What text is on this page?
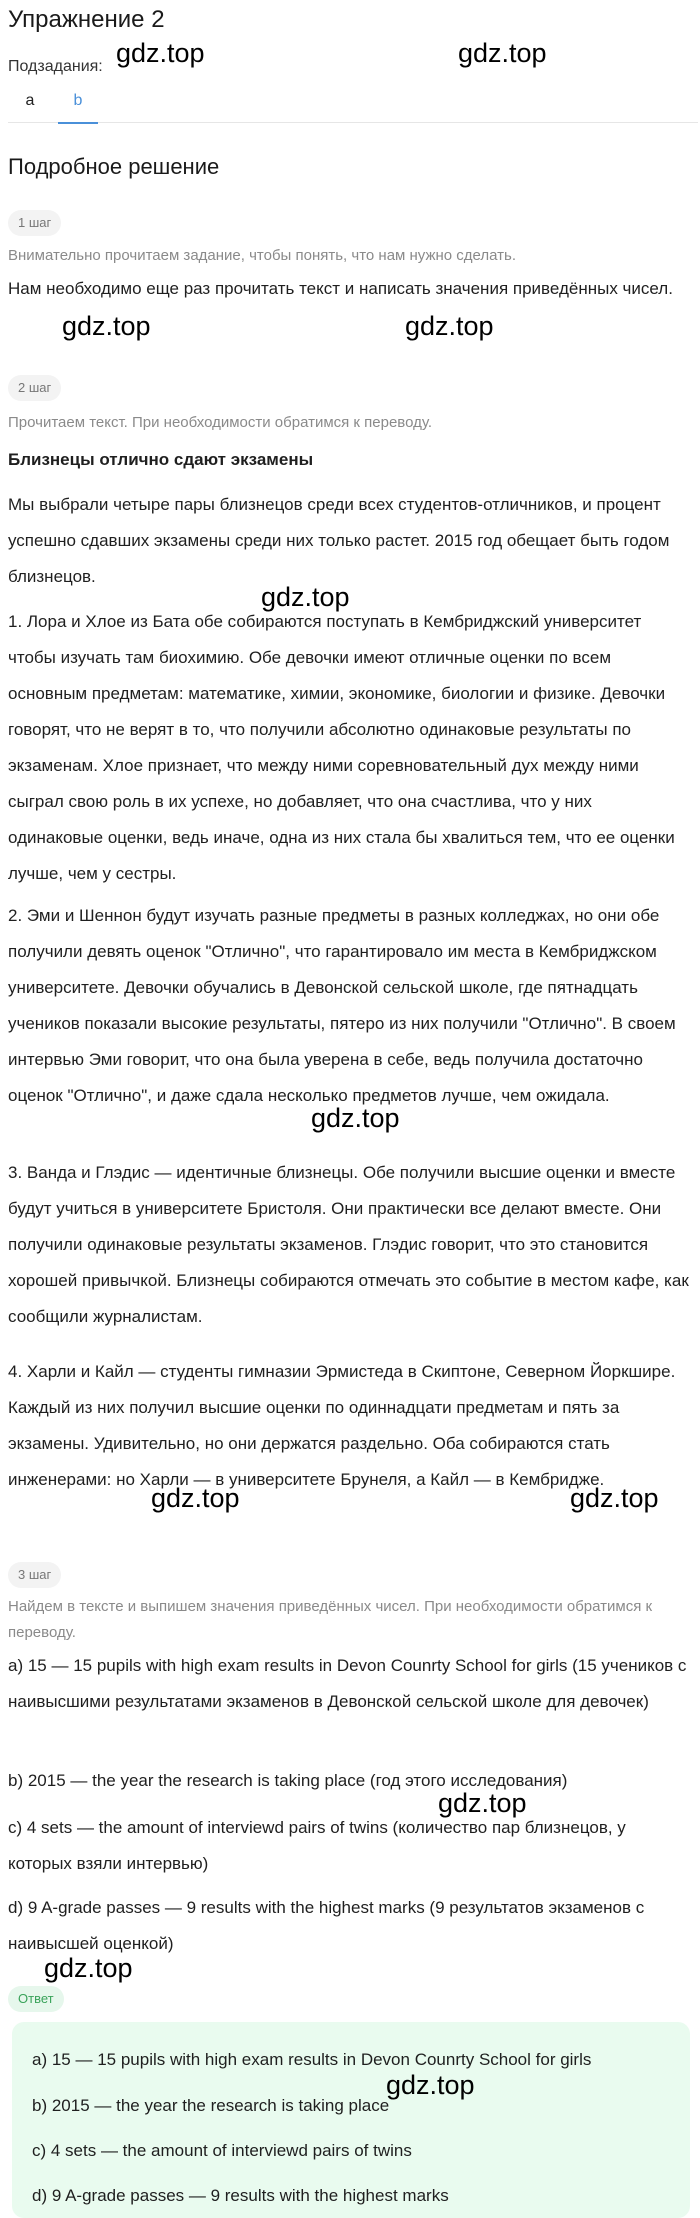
Упражнение 2
Подзадания:
a	b
Подробное решение
1 шаг
Внимательно прочитаем задание, чтобы понять, что нам нужно сделать.
Нам необходимо еще раз прочитать текст и написать значения приведённых чисел.
2 шаг
Прочитаем текст. При необходимости обратимся к переводу.
Близнецы отлично сдают экзамены
Мы выбрали четыре пары близнецов среди всех студентов-отличников, и процент успешно сдавших экзамены среди них только растет. 2015 год обещает быть годом близнецов.
1. Лора и Хлое из Бата обе собираются поступать в Кембриджский университет чтобы изучать там биохимию. Обе девочки имеют отличные оценки по всем основным предметам: математике, химии, экономике, биологии и физике. Девочки говорят, что не верят в то, что получили абсолютно одинаковые результаты по экзаменам. Хлое признает, что между ними соревновательный дух между ними сыграл свою роль в их успехе, но добавляет, что она счастлива, что у них одинаковые оценки, ведь иначе, одна из них стала бы хвалиться тем, что ее оценки лучше, чем у сестры.
2. Эми и Шеннон будут изучать разные предметы в разных колледжах, но они обе получили девять оценок "Отлично", что гарантировало им места в Кембриджском университете. Девочки обучались в Девонской сельской школе, где пятнадцать учеников показали высокие результаты, пятеро из них получили "Отлично". В своем интервью Эми говорит, что она была уверена в себе, ведь получила достаточно оценок "Отлично", и даже сдала несколько предметов лучше, чем ожидала.
3. Ванда и Глэдис — идентичные близнецы. Обе получили высшие оценки и вместе будут учиться в университете Бристоля. Они практически все делают вместе. Они получили одинаковые результаты экзаменов. Глэдис говорит, что это становится хорошей привычкой. Близнецы собираются отмечать это событие в местом кафе, как сообщили журналистам.
4. Харли и Кайл — студенты гимназии Эрмистеда в Скиптоне, Северном Йоркшире. Каждый из них получил высшие оценки по одиннадцати предметам и пять за экзамены. Удивительно, но они держатся раздельно. Оба собираются стать инженерами: но Харли — в университете Брунеля, а Кайл — в Кембридже.
3 шаг
Найдем в тексте и выпишем значения приведённых чисел. При необходимости обратимся к переводу.
a) 15 — 15 pupils with high exam results in Devon Counrty School for girls (15 учеников с наивысшими результатами экзаменов в Девонской сельской школе для девочек)
b) 2015 — the year the research is taking place (год этого исследования)
c) 4 sets — the amount of interviewd pairs of twins (количество пар близнецов, у которых взяли интервью)
d) 9 A-grade passes — 9 results with the highest marks (9 результатов экзаменов с наивысшей оценкой)
Ответ
a) 15 — 15 pupils with high exam results in Devon Counrty School for girls
b) 2015 — the year the research is taking place
c) 4 sets — the amount of interviewd pairs of twins
d) 9 A-grade passes — 9 results with the highest marks
gdz.top	gdz.top
gdz.top	gdz.top
gdz.top
gdz.top
gdz.top	gdz.top
gdz.top
gdz.top
gdz.top
